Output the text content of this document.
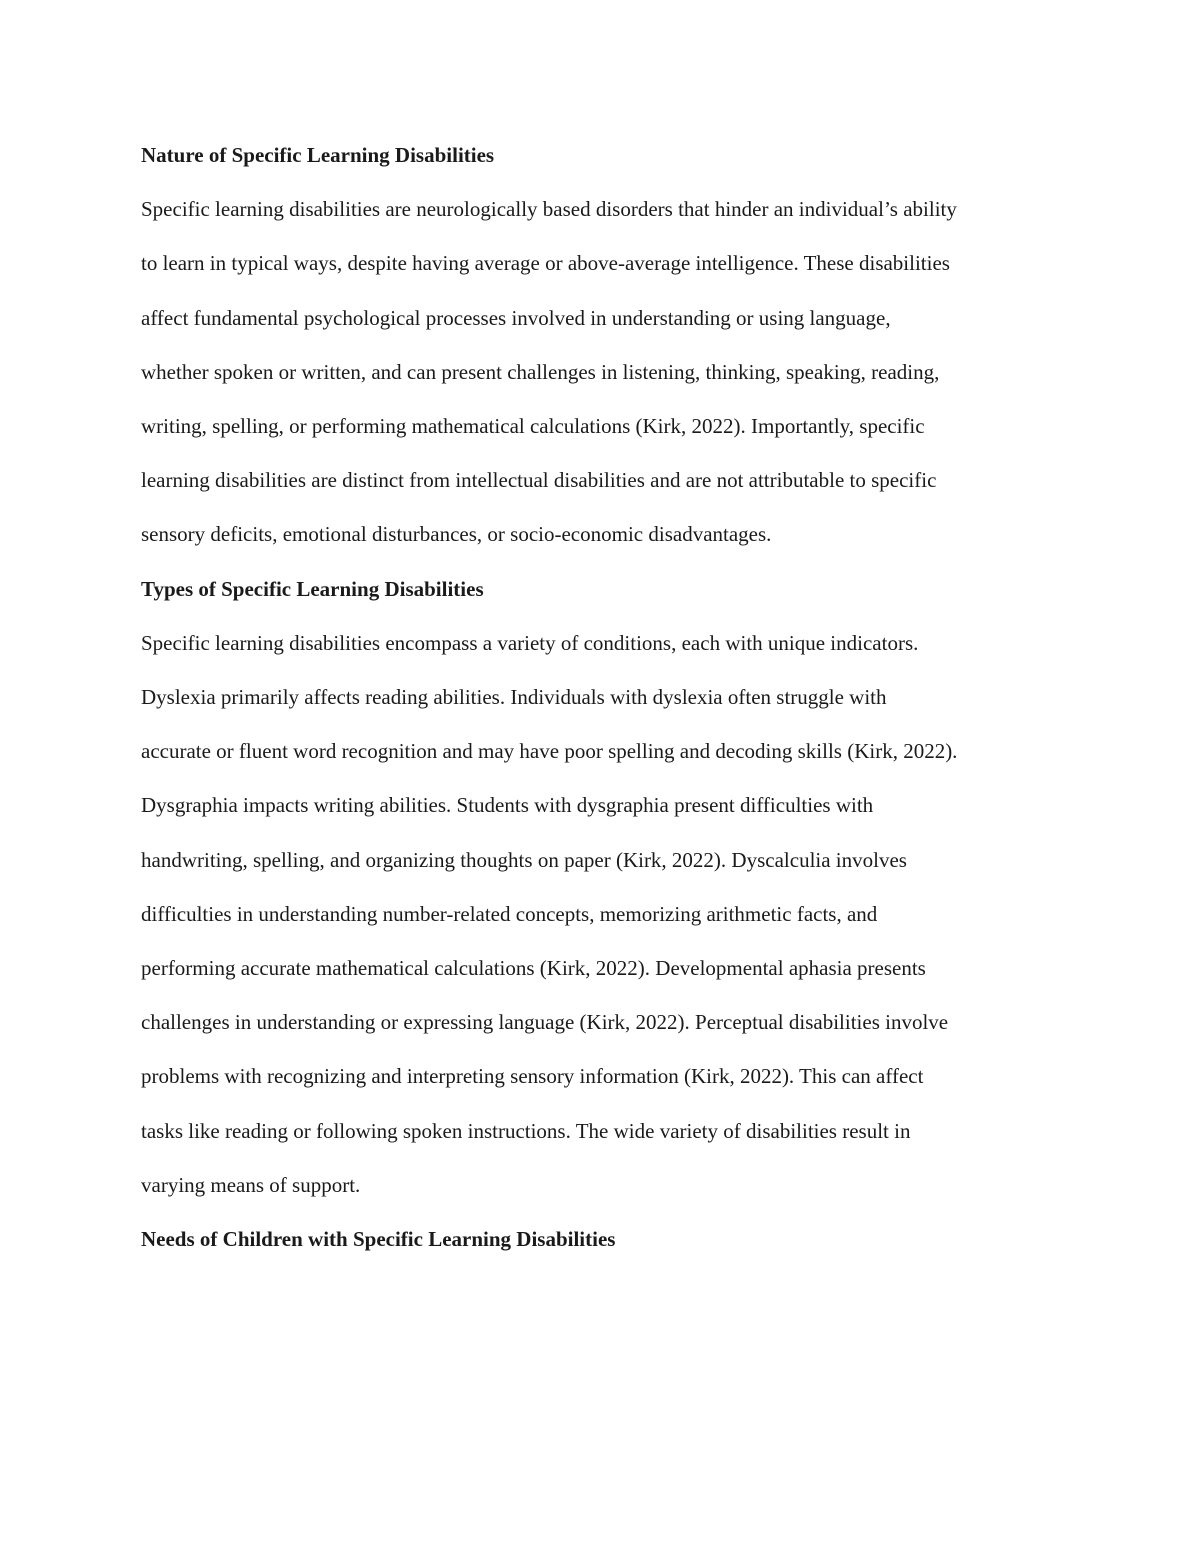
Nature of Specific Learning Disabilities

Specific learning disabilities are neurologically based disorders that hinder an individual’s ability
to learn in typical ways, despite having average or above-average intelligence. These disabilities
affect fundamental psychological processes involved in understanding or using language,
whether spoken or written, and can present challenges in listening, thinking, speaking, reading,
writing, spelling, or performing mathematical calculations (Kirk, 2022). Importantly, specific
learning disabilities are distinct from intellectual disabilities and are not attributable to specific
sensory deficits, emotional disturbances, or socio-economic disadvantages.

Types of Specific Learning Disabilities

Specific learning disabilities encompass a variety of conditions, each with unique indicators.
Dyslexia primarily affects reading abilities. Individuals with dyslexia often struggle with
accurate or fluent word recognition and may have poor spelling and decoding skills (Kirk, 2022).
Dysgraphia impacts writing abilities. Students with dysgraphia present difficulties with
handwriting, spelling, and organizing thoughts on paper (Kirk, 2022). Dyscalculia involves
difficulties in understanding number-related concepts, memorizing arithmetic facts, and
performing accurate mathematical calculations (Kirk, 2022). Developmental aphasia presents
challenges in understanding or expressing language (Kirk, 2022). Perceptual disabilities involve
problems with recognizing and interpreting sensory information (Kirk, 2022). This can affect
tasks like reading or following spoken instructions. The wide variety of disabilities result in
varying means of support.

Needs of Children with Specific Learning Disabilities
